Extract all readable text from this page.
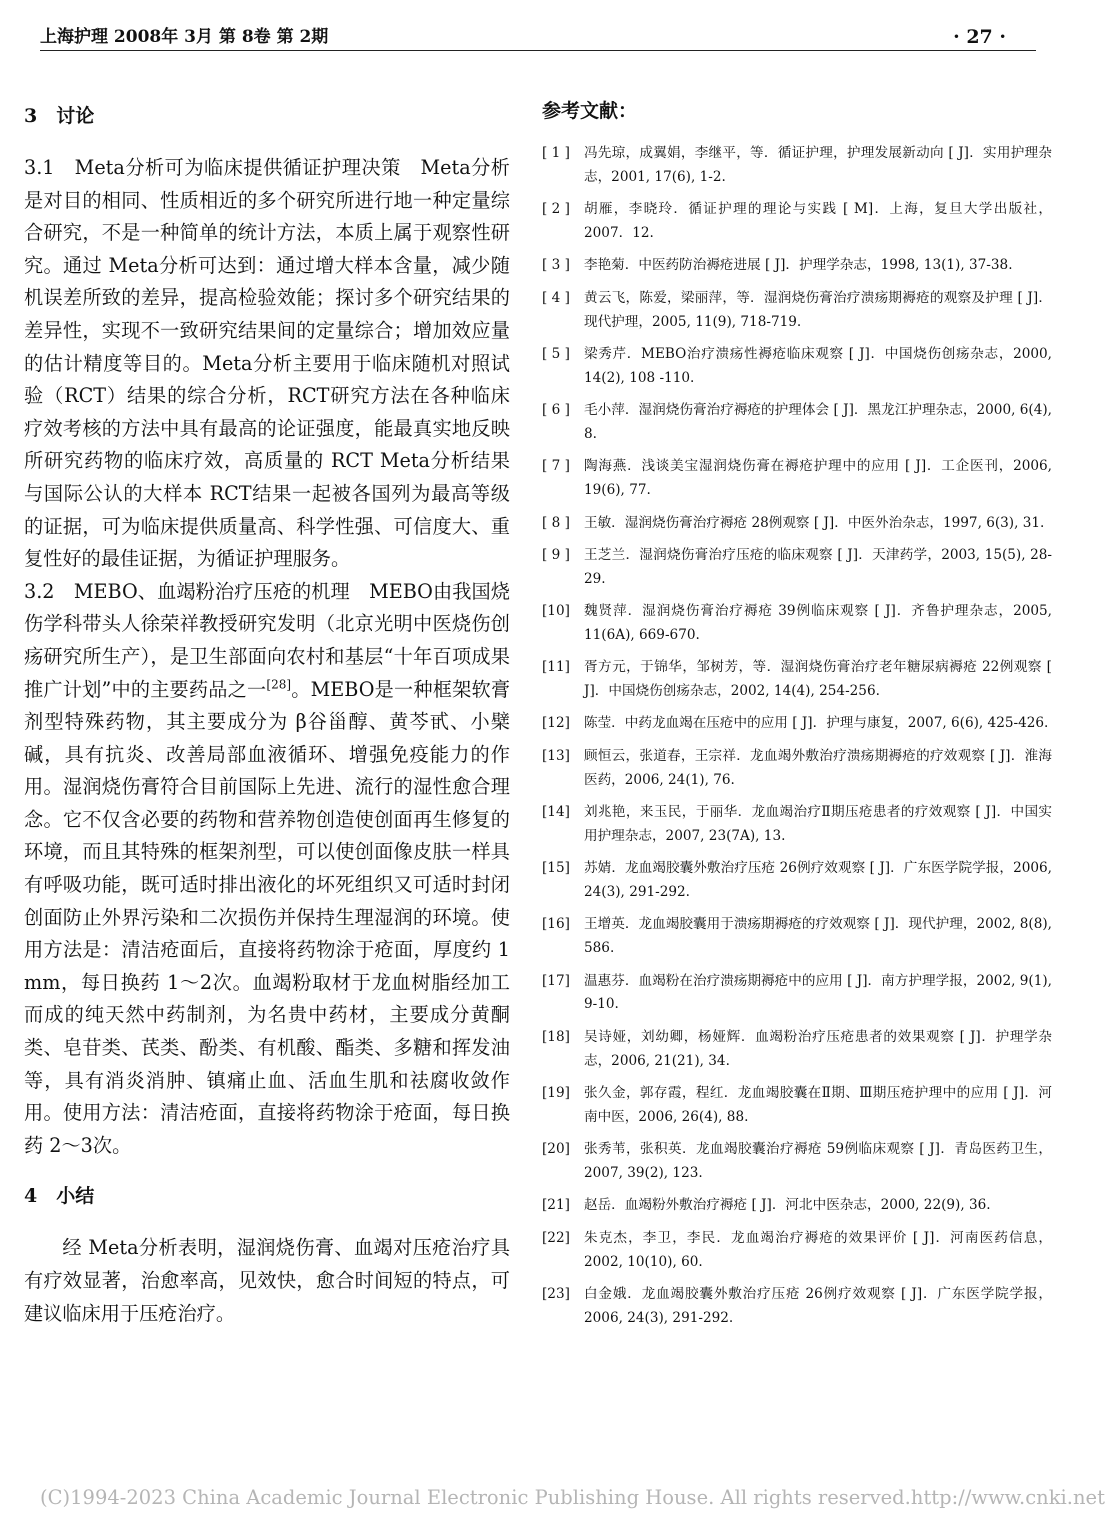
上海护理 2008年 3月 第 8卷 第 2期	· 27 ·
3　讨论

3.1　Meta分析可为临床提供循证护理决策　Meta分析是对目的相同、性质相近的多个研究所进行地一种定量综合研究，不是一种简单的统计方法，本质上属于观察性研究。通过 Meta分析可达到：通过增大样本含量，减少随机误差所致的差异，提高检验效能；探讨多个研究结果的差异性，实现不一致研究结果间的定量综合；增加效应量的估计精度等目的。Meta分析主要用于临床随机对照试验（RCT）结果的综合分析，RCT研究方法在各种临床疗效考核的方法中具有最高的论证强度，能最真实地反映所研究药物的临床疗效，高质量的 RCT Meta分析结果与国际公认的大样本 RCT结果一起被各国列为最高等级的证据，可为临床提供质量高、科学性强、可信度大、重复性好的最佳证据，为循证护理服务。

3.2　MEBO、血竭粉治疗压疮的机理　MEBO由我国烧伤学科带头人徐荣祥教授研究发明（北京光明中医烧伤创疡研究所生产），是卫生部面向农村和基层“十年百项成果推广计划”中的主要药品之一[28]。MEBO是一种框架软膏剂型特殊药物，其主要成分为 β谷甾醇、黄芩甙、小檗碱，具有抗炎、改善局部血液循环、增强免疫能力的作用。湿润烧伤膏符合目前国际上先进、流行的湿性愈合理念。它不仅含必要的药物和营养物创造使创面再生修复的环境，而且其特殊的框架剂型，可以使创面像皮肤一样具有呼吸功能，既可适时排出液化的坏死组织又可适时封闭创面防止外界污染和二次损伤并保持生理湿润的环境。使用方法是：清洁疮面后，直接将药物涂于疮面，厚度约 1 mm，每日换药 1～2次。血竭粉取材于龙血树脂经加工而成的纯天然中药制剂，为名贵中药材，主要成分黄酮类、皂苷类、芪类、酚类、有机酸、酯类、多糖和挥发油等，具有消炎消肿、镇痛止血、活血生肌和祛腐收敛作用。使用方法：清洁疮面，直接将药物涂于疮面，每日换药 2～3次。

4　小结

经 Meta分析表明，湿润烧伤膏、血竭对压疮治疗具有疗效显著，治愈率高，见效快，愈合时间短的特点，可建议临床用于压疮治疗。

参考文献：
[ 1 ] 冯先琼，成翼娟，李继平，等．循证护理，护理发展新动向 [ J]．实用护理杂志，2001, 17(6), 1-2.
[ 2 ] 胡雁，李晓玲．循证护理的理论与实践 [ M]．上海，复旦大学出版社，2007．12.
[ 3 ] 李艳菊．中医药防治褥疮进展 [ J]．护理学杂志，1998, 13(1), 37-38.
[ 4 ] 黄云飞，陈爱，梁丽萍，等．湿润烧伤膏治疗溃疡期褥疮的观察及护理 [ J]．现代护理，2005, 11(9), 718-719.
[ 5 ] 梁秀芹．MEBO治疗溃疡性褥疮临床观察 [ J]．中国烧伤创疡杂志，2000, 14(2), 108 -110.
[ 6 ] 毛小萍．湿润烧伤膏治疗褥疮的护理体会 [ J]．黑龙江护理杂志，2000, 6(4), 8.
[ 7 ] 陶海燕．浅谈美宝湿润烧伤膏在褥疮护理中的应用 [ J]．工企医刊，2006, 19(6), 77.
[ 8 ] 王敏．湿润烧伤膏治疗褥疮 28例观察 [ J]．中医外治杂志，1997, 6(3), 31.
[ 9 ] 王芝兰．湿润烧伤膏治疗压疮的临床观察 [ J]．天津药学，2003, 15(5), 28-29.
[10] 魏贤萍．湿润烧伤膏治疗褥疮 39例临床观察 [ J]．齐鲁护理杂志，2005, 11(6A), 669-670.
[11] 胥方元，于锦华，邹树芳，等．湿润烧伤膏治疗老年糖尿病褥疮 22例观察 [ J]．中国烧伤创疡杂志，2002, 14(4), 254-256.
[12] 陈莹．中药龙血竭在压疮中的应用 [ J]．护理与康复，2007, 6(6), 425-426.
[13] 顾恒云，张道春，王宗祥．龙血竭外敷治疗溃疡期褥疮的疗效观察 [ J]．淮海医药，2006, 24(1), 76.
[14] 刘兆艳，来玉民，于丽华．龙血竭治疗Ⅱ期压疮患者的疗效观察 [ J]．中国实用护理杂志，2007, 23(7A), 13.
[15] 苏婧．龙血竭胶囊外敷治疗压疮 26例疗效观察 [ J]．广东医学院学报，2006, 24(3), 291-292.
[16] 王增英．龙血竭胶囊用于溃疡期褥疮的疗效观察 [ J]．现代护理，2002, 8(8), 586.
[17] 温惠芬．血竭粉在治疗溃疡期褥疮中的应用 [ J]．南方护理学报，2002, 9(1), 9-10.
[18] 吴诗娅，刘幼卿，杨娅辉．血竭粉治疗压疮患者的效果观察 [ J]．护理学杂志，2006, 21(21), 34.
[19] 张久金，郭存霞，程红．龙血竭胶囊在Ⅱ期、Ⅲ期压疮护理中的应用 [ J]．河南中医，2006, 26(4), 88.
[20] 张秀苇，张积英．龙血竭胶囊治疗褥疮 59例临床观察 [ J]．青岛医药卫生，2007, 39(2), 123.
[21] 赵岳．血竭粉外敷治疗褥疮 [ J]．河北中医杂志，2000, 22(9), 36.
[22] 朱克杰，李卫，李民．龙血竭治疗褥疮的效果评价 [ J]．河南医药信息，2002, 10(10), 60.
[23] 白金娥．龙血竭胶囊外敷治疗压疮 26例疗效观察 [ J]．广东医学院学报，2006, 24(3), 291-292.
(C)1994-2023 China Academic Journal Electronic Publishing House. All rights reserved. http://www.cnki.net
